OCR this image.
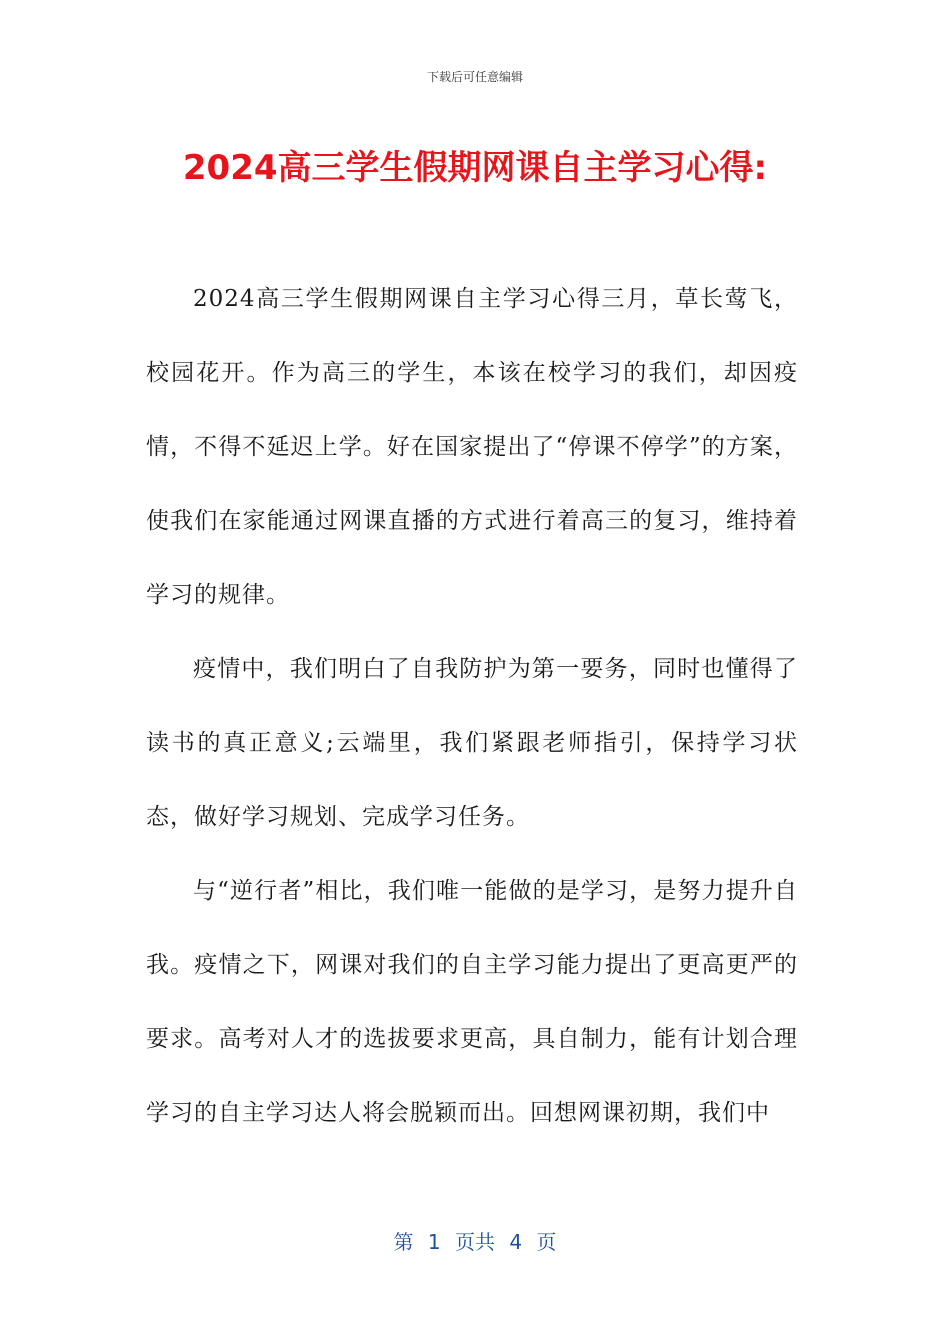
下载后可任意编辑
2024高三学生假期网课自主学习心得:

2024高三学生假期网课自主学习心得三月，草长莺飞，校园花开。作为高三的学生，本该在校学习的我们，却因疫情，不得不延迟上学。好在国家提出了“停课不停学”的方案，使我们在家能通过网课直播的方式进行着高三的复习，维持着学习的规律。

疫情中，我们明白了自我防护为第一要务，同时也懂得了读书的真正意义;云端里，我们紧跟老师指引，保持学习状态，做好学习规划、完成学习任务。

与“逆行者”相比，我们唯一能做的是学习，是努力提升自我。疫情之下，网课对我们的自主学习能力提出了更高更严的要求。高考对人才的选拔要求更高，具自制力，能有计划合理学习的自主学习达人将会脱颖而出。回想网课初期，我们中

第 1 页共 4 页
